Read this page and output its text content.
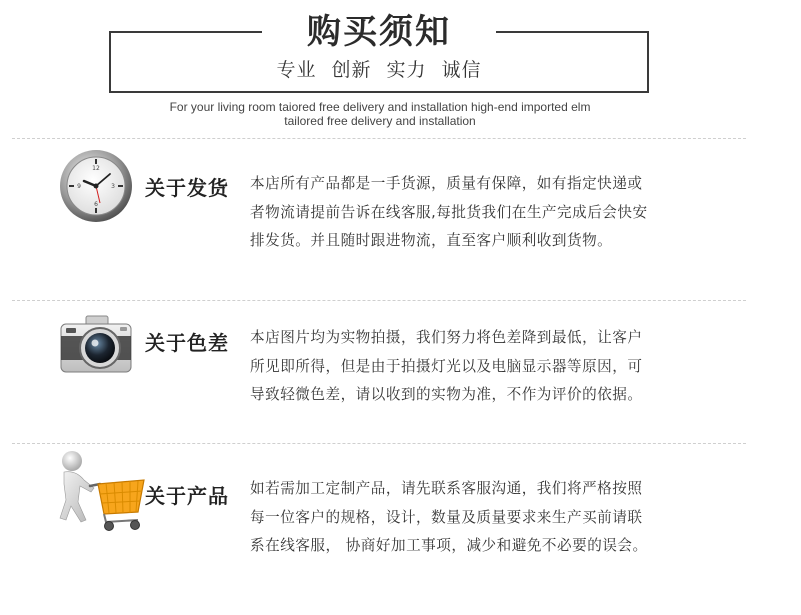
购买须知
专业 创新 实力 诚信
For your living room taiored free delivery and installation high-end imported elm
tailored free delivery and installation
12
3
6
9	关于发货 本店所有产品都是一手货源，质量有保障，如有指定快递或者物流请提前告诉在线客服,每批货我们在生产完成后会快安排发货。并且随时跟进物流，直至客户顺利收到货物。
关于色差 本店图片均为实物拍摄，我们努力将色差降到最低，让客户所见即所得，但是由于拍摄灯光以及电脑显示器等原因，可导致轻微色差，请以收到的实物为准，不作为评价的依据。
关于产品 如若需加工定制产品，请先联系客服沟通，我们将严格按照每一位客户的规格，设计，数量及质量要求来生产买前请联系在线客服， 协商好加工事项，减少和避免不必要的误会。
